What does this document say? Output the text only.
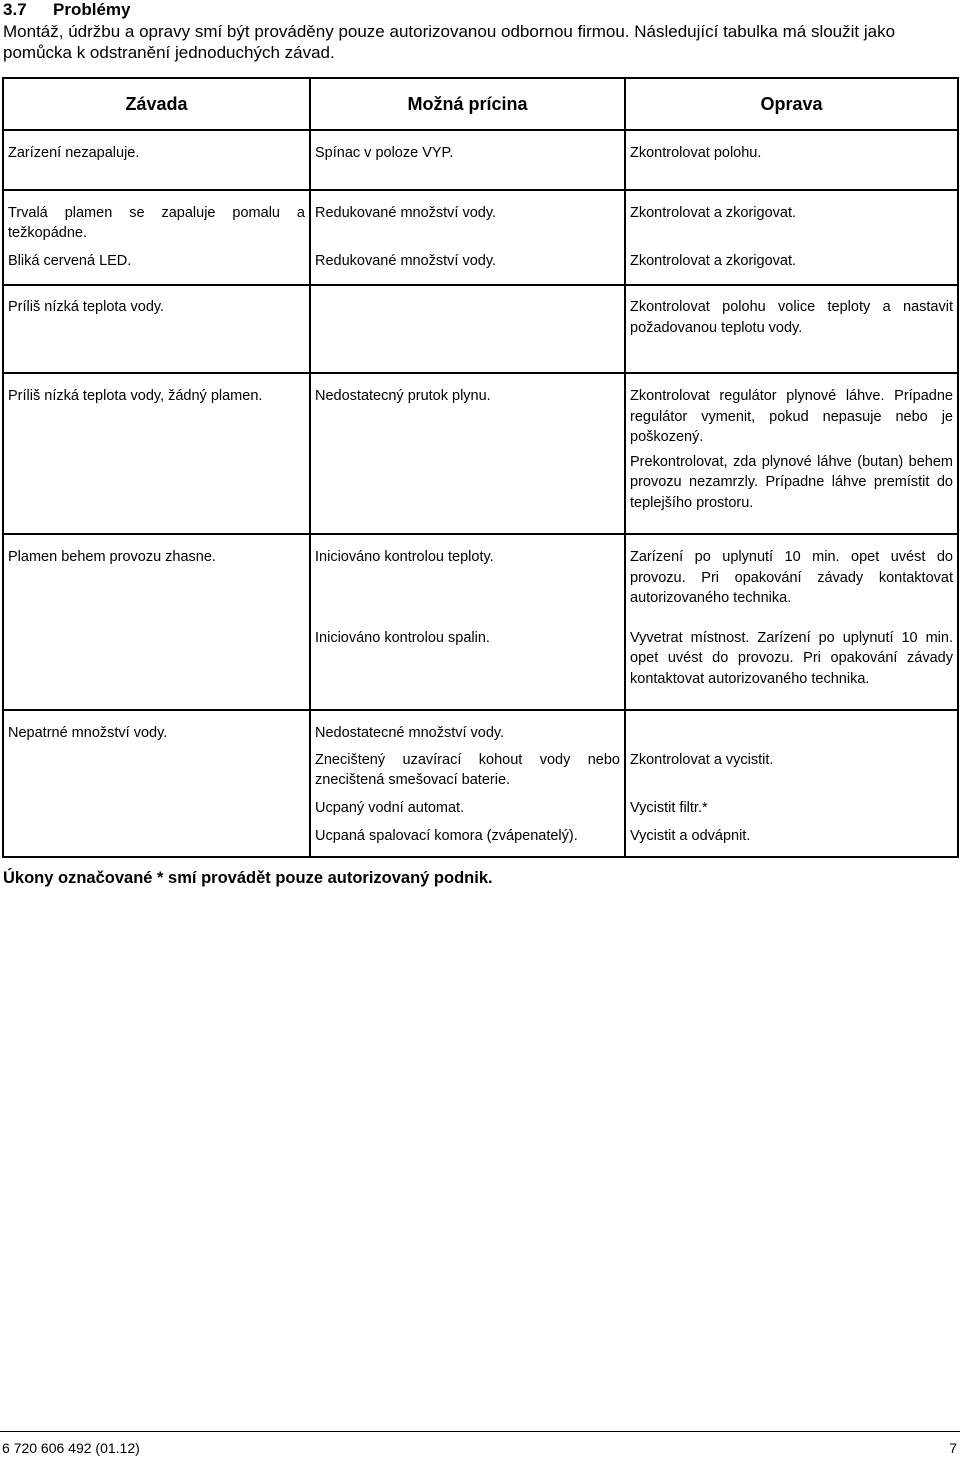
3.7 Problémy

Montáž, údržbu a opravy smí být prováděny pouze autorizovanou odbornou firmou. Následující tabulka má sloužit jako

pomůcka k odstranění jednoduchých závad.

Závada	Možná prícina	Oprava

Zarízení nezapaluje.	Spínac v poloze VYP.	Zkontrolovat polohu.

Trvalá plamen se zapaluje pomalu a težkopádne.	Redukované množství vody.	Zkontrolovat a zkorigovat.

Bliká cervená LED.	Redukované množství vody.	Zkontrolovat a zkorigovat.

Príliš nízká teplota vody.		Zkontrolovat polohu volice teploty a nastavit požadovanou teplotu vody.

Príliš nízká teplota vody, žádný plamen.	Nedostatecný prutok plynu.	Zkontrolovat regulátor plynové láhve. Prípadne regulátor vymenit, pokud nepasuje nebo je poškozený.

		Prekontrolovat, zda plynové láhve (butan) behem provozu nezamrzly. Prípadne láhve premístit do teplejšího prostoru.

Plamen behem provozu zhasne.	Iniciováno kontrolou teploty.	Zarízení po uplynutí 10 min. opet uvést do provozu. Pri opakování závady kontaktovat autorizovaného technika.

	Iniciováno kontrolou spalin.	Vyvetrat místnost. Zarízení po uplynutí 10 min. opet uvést do provozu. Pri opakování závady kontaktovat autorizovaného technika.

Nepatrné množství vody.	Nedostatecné množství vody.	

	Znecištený uzavírací kohout vody nebo znecištená smešovací baterie.	Zkontrolovat a vycistit.

	Ucpaný vodní automat.	Vycistit filtr.*

	Ucpaná spalovací komora (zvápenatelý).	Vycistit a odvápnit.

Úkony označované * smí provádět pouze autorizovaný podnik.
6 720 606 492 (01.12)	7
